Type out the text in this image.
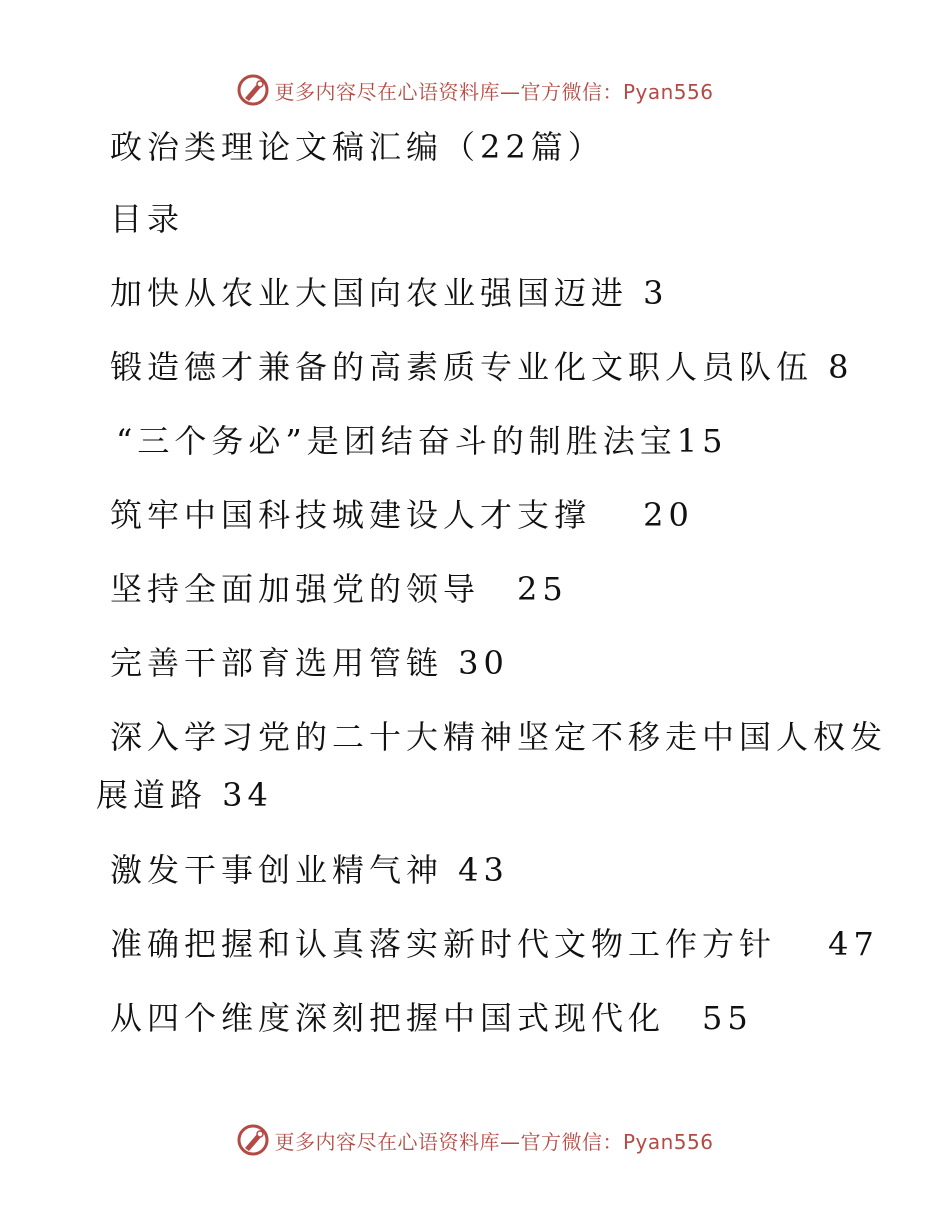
更多内容尽在心语资料库—官方微信：Pyan556
政治类理论文稿汇编（22篇）
目录
加快从农业大国向农业强国迈进 3
锻造德才兼备的高素质专业化文职人员队伍 8
“三个务必”是团结奋斗的制胜法宝15
筑牢中国科技城建设人才支撑　 20
坚持全面加强党的领导　25
完善干部育选用管链 30
深入学习党的二十大精神坚定不移走中国人权发
展道路 34
激发干事创业精气神 43
准确把握和认真落实新时代文物工作方针　 47
从四个维度深刻把握中国式现代化　55
更多内容尽在心语资料库—官方微信：Pyan556
